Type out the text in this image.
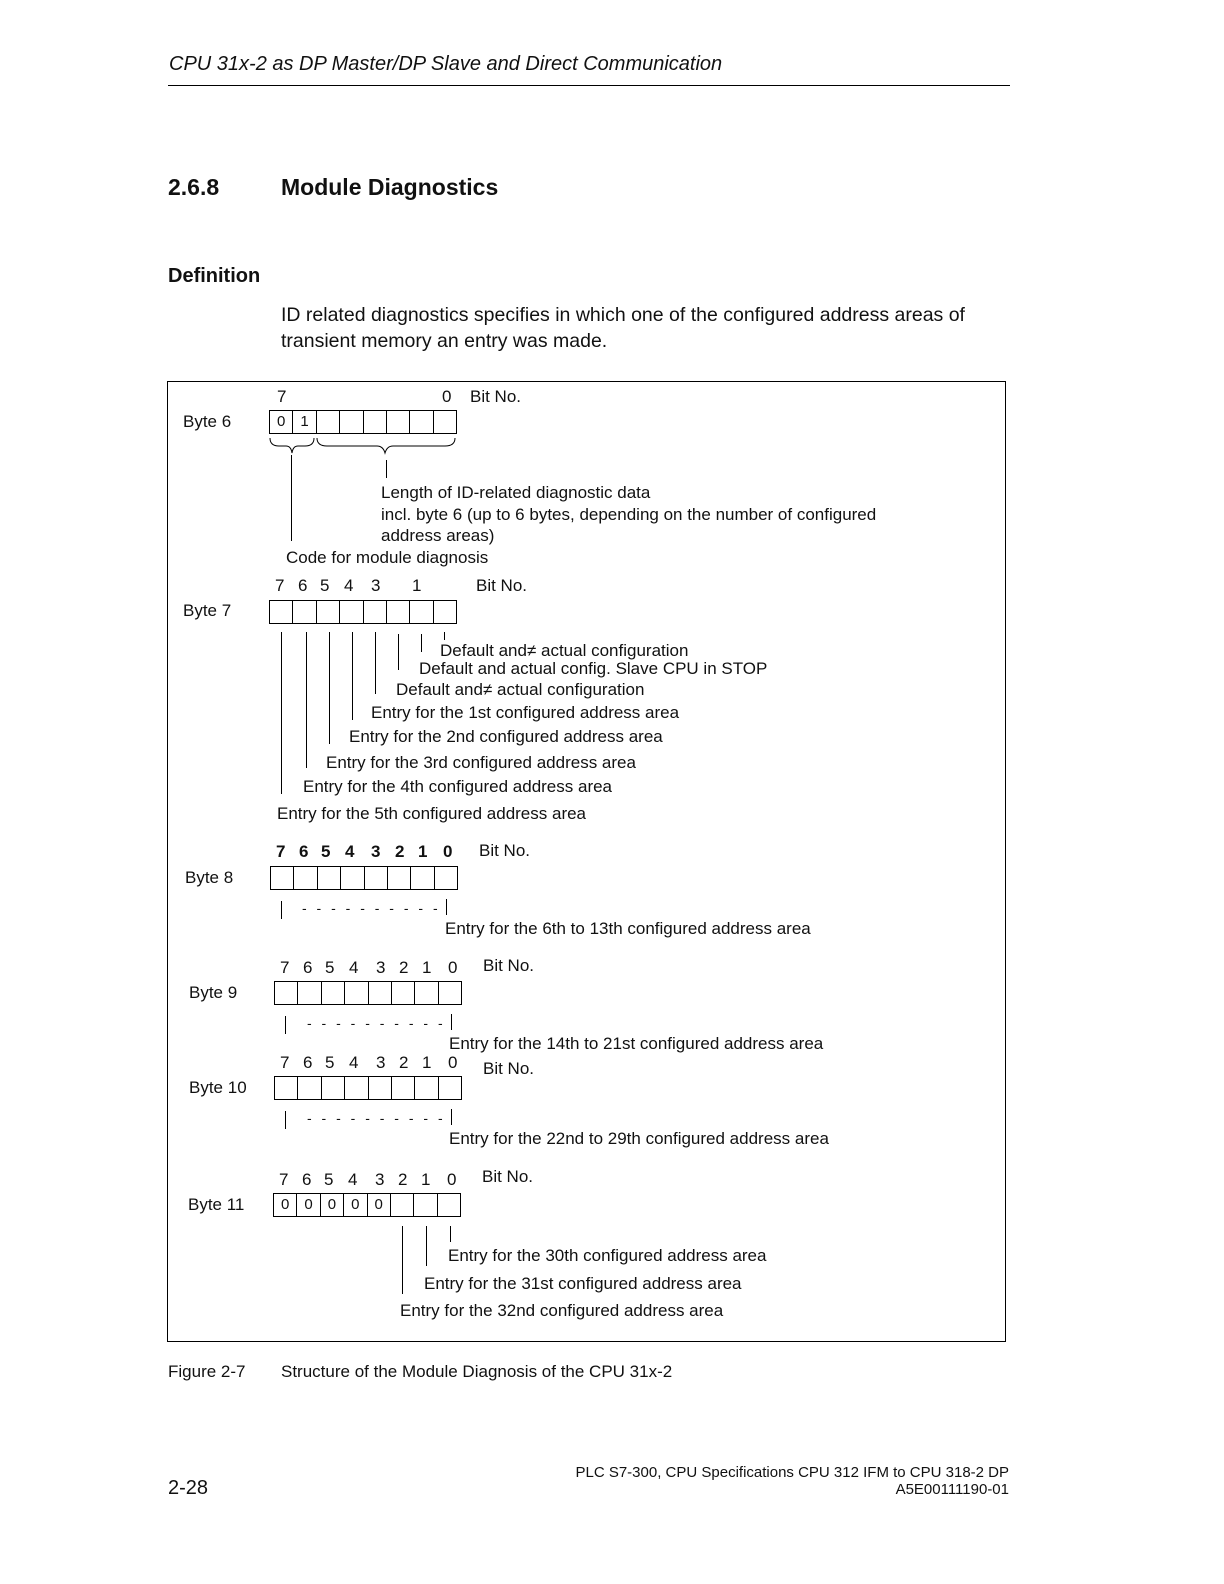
CPU 31x-2 as DP Master/DP Slave and Direct Communication
2.6.8	Module Diagnostics
Definition
ID related diagnostics specifies in which one of the configured address areas of transient memory an entry was made.
7	0 Bit No.
Byte 6	0	1
Length of ID-related diagnostic data
incl. byte 6 (up to 6 bytes, depending on the number of configured
address areas)
Code for module diagnosis
7 6 5 4 3 1	Bit No.
Byte 7
Default and≠ actual configuration
Default and actual config. Slave CPU in STOP
Default and≠ actual configuration
Entry for the 1st configured address area
Entry for the 2nd configured address area
Entry for the 3rd configured address area
Entry for the 4th configured address area
Entry for the 5th configured address area
7 6 5 4 3 2 1 0 Bit No.
Byte 8
- - - - - - - - - -
Entry for the 6th to 13th configured address area
7 6 5 4 3 2 1 0 Bit No.
Byte 9
- - - - - - - - - -
Entry for the 14th to 21st configured address area
7 6 5 4 3 2 1 0 Bit No.
Byte 10
- - - - - - - - - -
Entry for the 22nd to 29th configured address area
7 6 5 4 3 2 1 0 Bit No.
Byte 11	0	0	0	0	0
Entry for the 30th configured address area
Entry for the 31st configured address area
Entry for the 32nd configured address area
Figure 2-7 Structure of the Module Diagnosis of the CPU 31x-2
PLC S7-300, CPU Specifications CPU 312 IFM to CPU 318-2 DP
A5E00111190-01
2-28
